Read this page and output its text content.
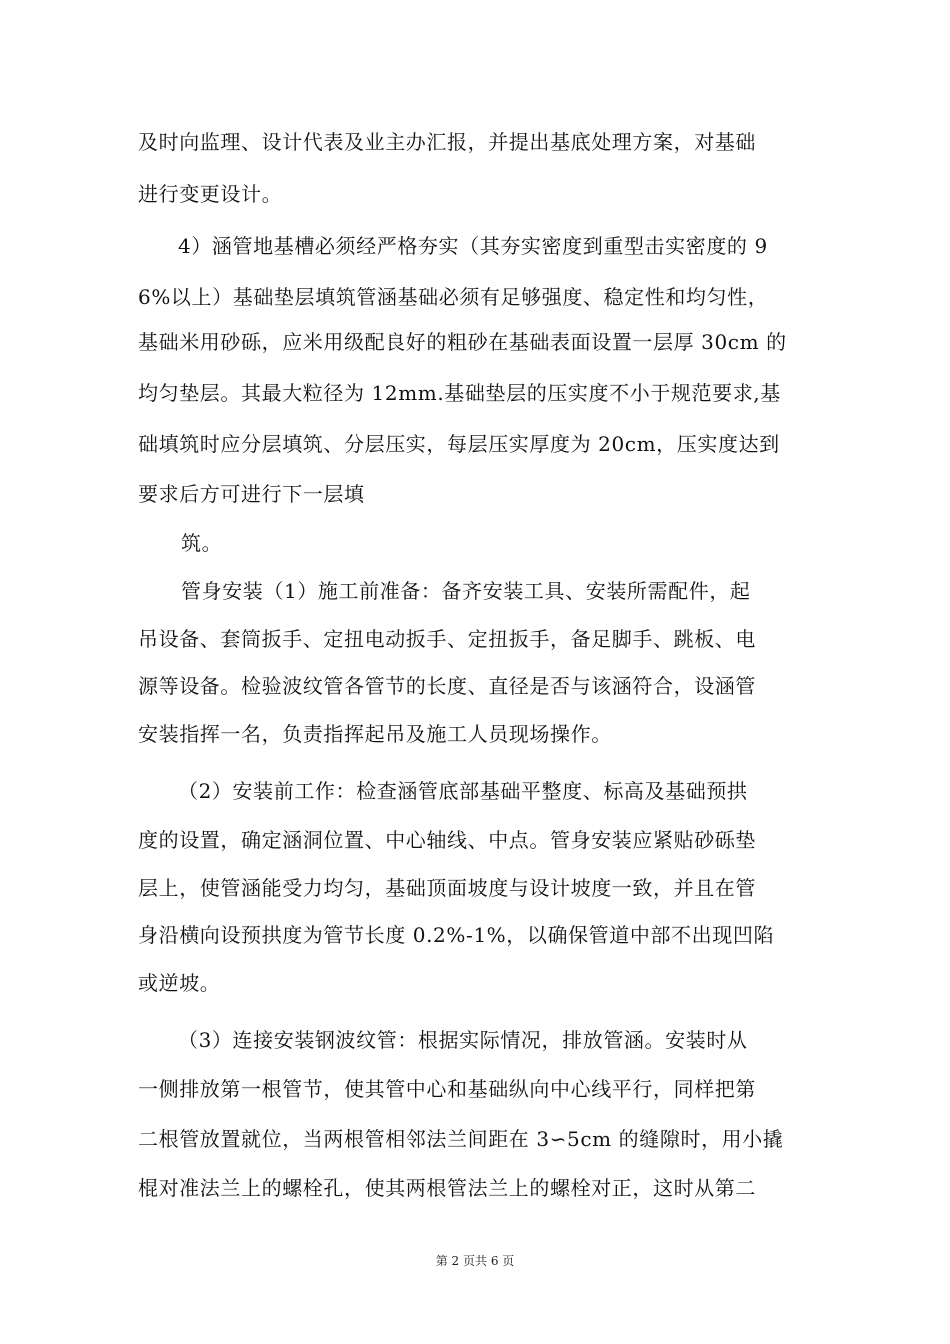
及时向监理、设计代表及业主办汇报，并提出基底处理方案，对基础
进行变更设计。
4）涵管地基槽必须经严格夯实（其夯实密度到重型击实密度的 9
6%以上）基础垫层填筑管涵基础必须有足够强度、稳定性和均匀性，
基础米用砂砾，应米用级配良好的粗砂在基础表面设置一层厚 30cm 的
均匀垫层。其最大粒径为 12mm.基础垫层的压实度不小于规范要求,基
础填筑时应分层填筑、分层压实，每层压实厚度为 20cm，压实度达到
要求后方可进行下一层填
筑。
管身安装（1）施工前准备：备齐安装工具、安装所需配件，起
吊设备、套筒扳手、定扭电动扳手、定扭扳手，备足脚手、跳板、电
源等设备。检验波纹管各管节的长度、直径是否与该涵符合，设涵管
安装指挥一名，负责指挥起吊及施工人员现场操作。
（2）安装前工作：检查涵管底部基础平整度、标高及基础预拱
度的设置，确定涵洞位置、中心轴线、中点。管身安装应紧贴砂砾垫
层上，使管涵能受力均匀，基础顶面坡度与设计坡度一致，并且在管
身沿横向设预拱度为管节长度 0.2%-1%，以确保管道中部不出现凹陷
或逆坡。
（3）连接安装钢波纹管：根据实际情况，排放管涵。安装时从
一侧排放第一根管节，使其管中心和基础纵向中心线平行，同样把第
二根管放置就位，当两根管相邻法兰间距在 3∽5cm 的缝隙时，用小撬
棍对准法兰上的螺栓孔，使其两根管法兰上的螺栓对正，这时从第二
第 2 页共 6 页
